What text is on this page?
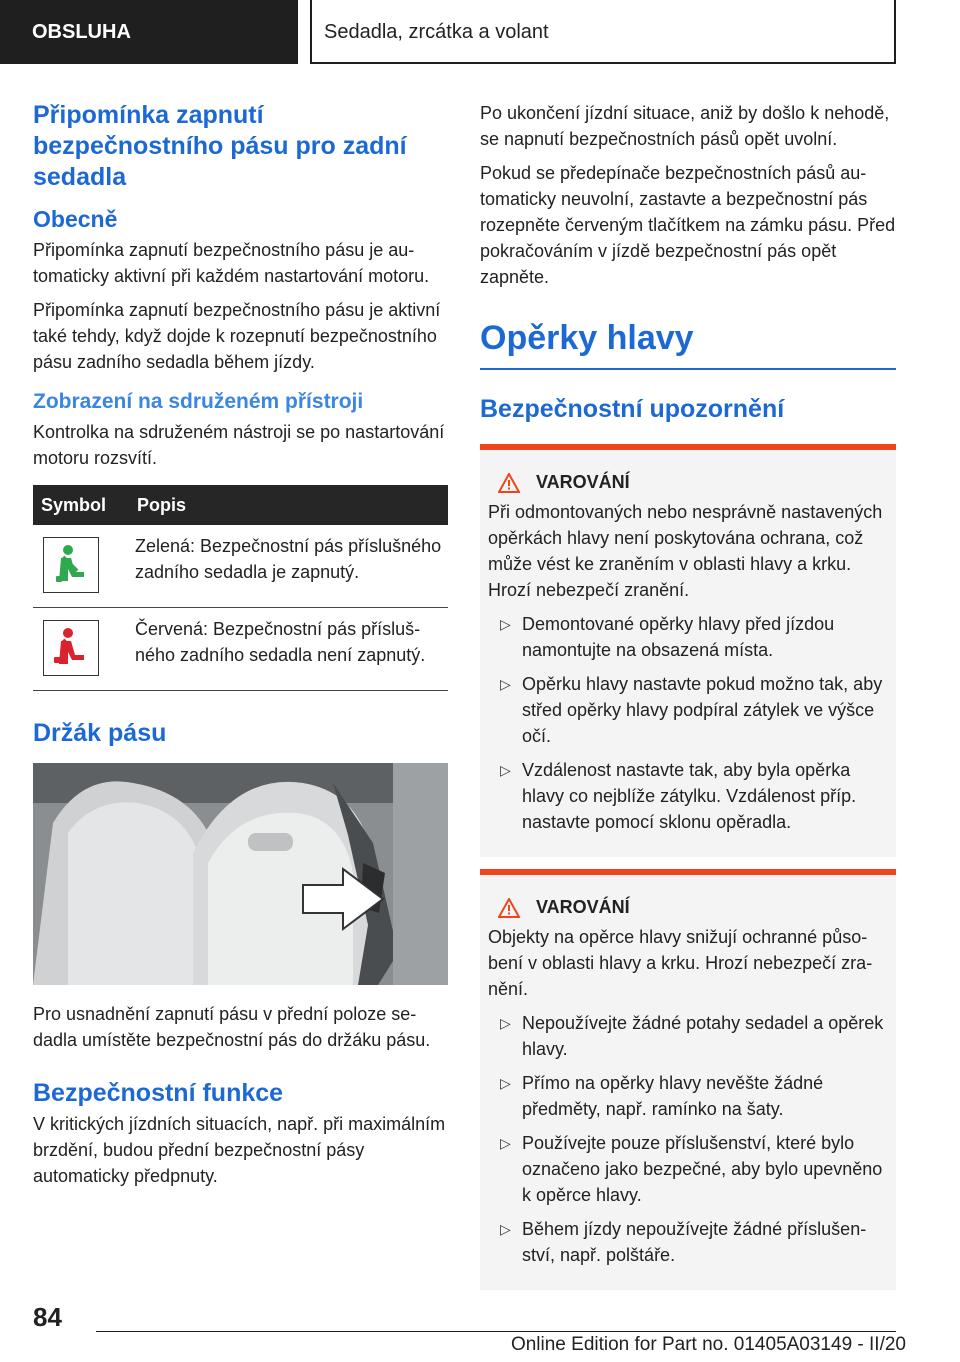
OBSLUHA	Sedadla, zrcátka a volant
Připomínka zapnutí bezpečnostního pásu pro zadní sedadla
Obecně

Připomínka zapnutí bezpečnostního pásu je automaticky aktivní při každém nastartování motoru.

Připomínka zapnutí bezpečnostního pásu je aktivní také tehdy, když dojde k rozepnutí bezpečnostního pásu zadního sedadla během jízdy.

Zobrazení na sdruženém přístroji

Kontrolka na sdruženém nástroji se po nastartování motoru rozsvítí.

Symbol	Popis

	Zelená: Bezpečnostní pás příslušného zadního sedadla je zapnutý.

	Červená: Bezpečnostní pás příslušného zadního sedadla není zapnutý.
Držák pásu

Pro usnadnění zapnutí pásu v přední poloze sedadla umístěte bezpečnostní pás do držáku pásu.

Bezpečnostní funkce

V kritických jízdních situacích, např. při maximálním brzdění, budou přední bezpečnostní pásy automaticky předpnuty.

Po ukončení jízdní situace, aniž by došlo k nehodě, se napnutí bezpečnostních pásů opět uvolní.

Pokud se předepínače bezpečnostních pásů automaticky neuvolní, zastavte a bezpečnostní pás rozepněte červeným tlačítkem na zámku pásu. Před pokračováním v jízdě bezpečnostní pás opět zapněte.

Opěrky hlavy
Bezpečnostní upozornění
VAROVÁNÍ

Při odmontovaných nebo nesprávně nastavených opěrkách hlavy není poskytována ochrana, což může vést ke zraněním v oblasti hlavy a krku. Hrozí nebezpečí zranění.

▷ Demontované opěrky hlavy před jízdou namontujte na obsazená místa.
▷ Opěrku hlavy nastavte pokud možno tak, aby střed opěrky hlavy podpíral zátylek ve výšce očí.
▷ Vzdálenost nastavte tak, aby byla opěrka hlavy co nejblíže zátylku. Vzdálenost příp. nastavte pomocí sklonu opěradla.
VAROVÁNÍ

Objekty na opěrce hlavy snižují ochranné působení v oblasti hlavy a krku. Hrozí nebezpečí zranění.

▷ Nepoužívejte žádné potahy sedadel a opěrek hlavy.
▷ Přímo na opěrky hlavy nevěšte žádné předměty, např. ramínko na šaty.
▷ Používejte pouze příslušenství, které bylo označeno jako bezpečné, aby bylo upevněno k opěrce hlavy.
▷ Během jízdy nepoužívejte žádné příslušenství, např. polštáře.
84
Online Edition for Part no. 01405A03149 - II/20
